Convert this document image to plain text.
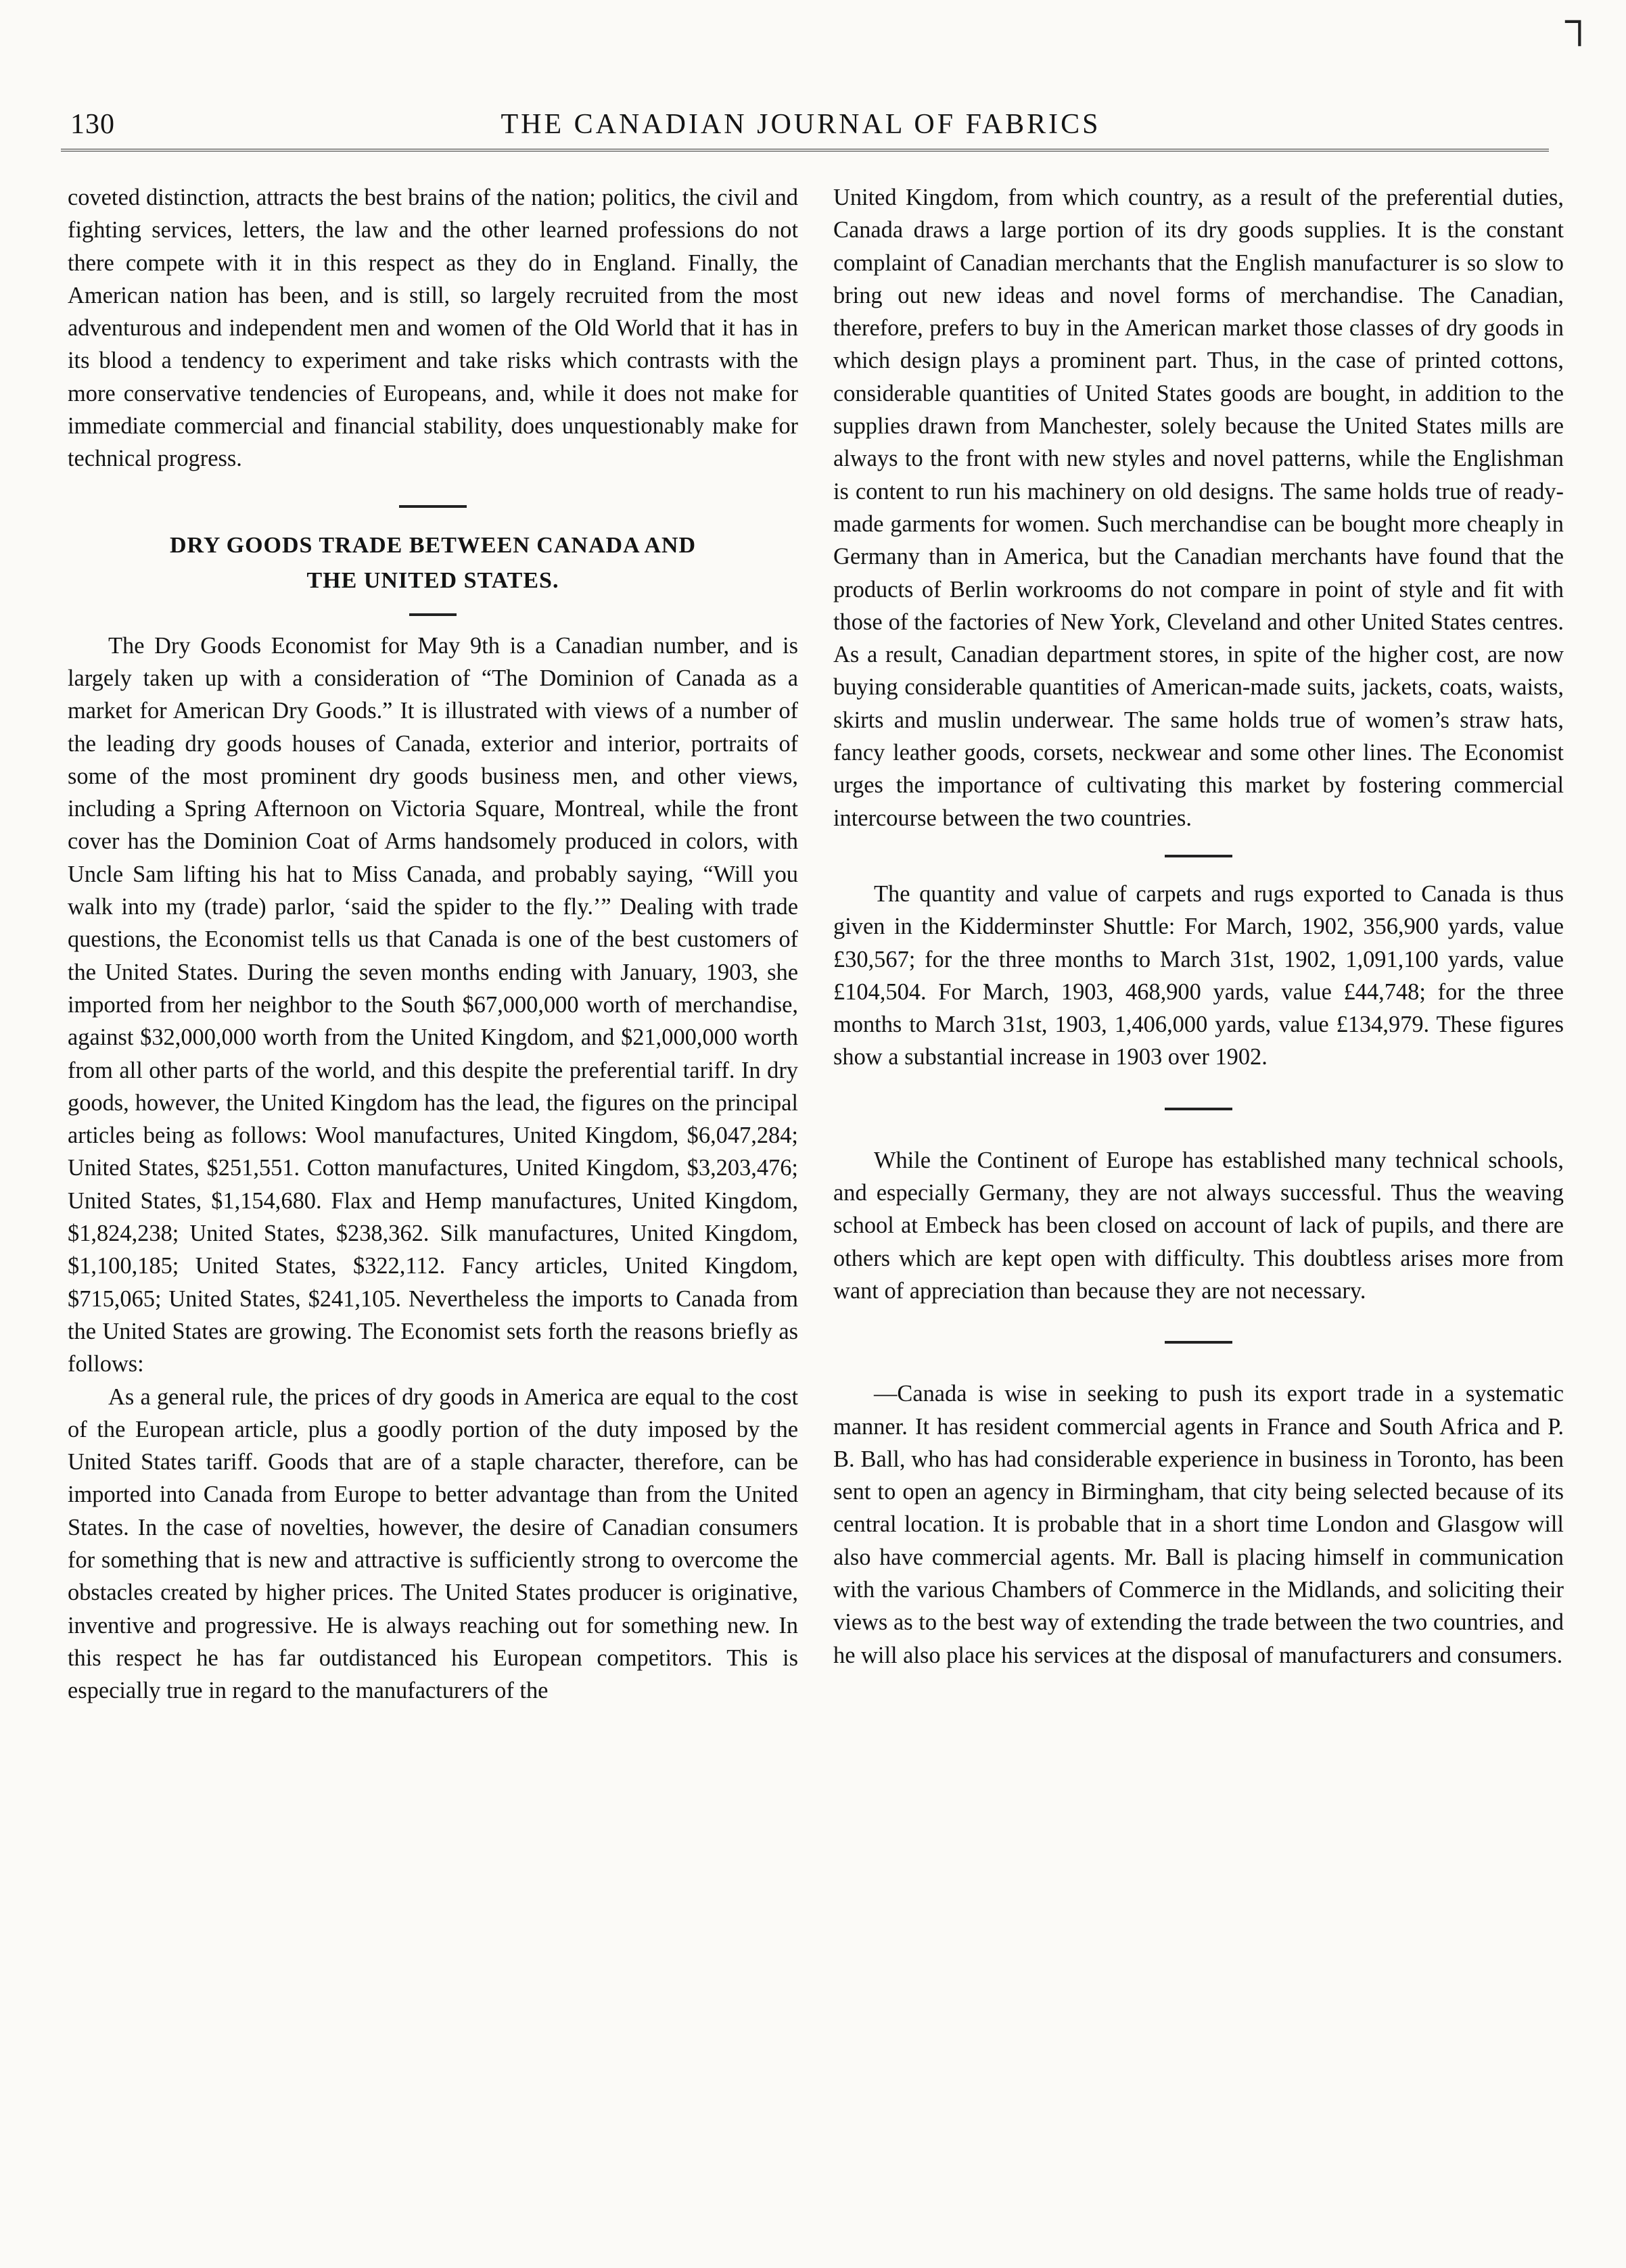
┐
130	THE CANADIAN JOURNAL OF FABRICS

coveted distinction, attracts the best brains of the nation; politics, the civil and fighting services, letters, the law and the other learned professions do not there compete with it in this respect as they do in England. Finally, the American nation has been, and is still, so largely recruited from the most adventurous and independent men and women of the Old World that it has in its blood a tendency to experiment and take risks which contrasts with the more conservative tendencies of Europeans, and, while it does not make for immediate commercial and financial stability, does unquestionably make for technical progress.

DRY GOODS TRADE BETWEEN CANADA AND

THE UNITED STATES.

The Dry Goods Economist for May 9th is a Canadian number, and is largely taken up with a consideration of “The Dominion of Canada as a market for American Dry Goods.” It is illustrated with views of a number of the leading dry goods houses of Canada, exterior and interior, portraits of some of the most prominent dry goods business men, and other views, including a Spring Afternoon on Victoria Square, Montreal, while the front cover has the Dominion Coat of Arms handsomely produced in colors, with Uncle Sam lifting his hat to Miss Canada, and probably saying, “Will you walk into my (trade) parlor, ‘said the spider to the fly.’” Dealing with trade questions, the Economist tells us that Canada is one of the best customers of the United States. During the seven months ending with January, 1903, she imported from her neighbor to the South $67,000,000 worth of merchandise, against $32,000,000 worth from the United Kingdom, and $21,000,000 worth from all other parts of the world, and this despite the preferential tariff. In dry goods, however, the United Kingdom has the lead, the figures on the principal articles being as follows: Wool manufactures, United Kingdom, $6,047,284; United States, $251,551. Cotton manufactures, United Kingdom, $3,203,476; United States, $1,154,680. Flax and Hemp manufactures, United Kingdom, $1,824,238; United States, $238,362. Silk manufactures, United Kingdom, $1,100,185; United States, $322,112. Fancy articles, United Kingdom, $715,065; United States, $241,105. Nevertheless the imports to Canada from the United States are growing. The Economist sets forth the reasons briefly as follows:

As a general rule, the prices of dry goods in America are equal to the cost of the European article, plus a goodly portion of the duty imposed by the United States tariff. Goods that are of a staple character, therefore, can be imported into Canada from Europe to better advantage than from the United States. In the case of novelties, however, the desire of Canadian consumers for something that is new and attractive is sufficiently strong to overcome the obstacles created by higher prices. The United States producer is originative, inventive and progressive. He is always reaching out for something new. In this respect he has far outdistanced his European competitors. This is especially true in regard to the manufacturers of the

United Kingdom, from which country, as a result of the preferential duties, Canada draws a large portion of its dry goods supplies. It is the constant complaint of Canadian merchants that the English manufacturer is so slow to bring out new ideas and novel forms of merchandise. The Canadian, therefore, prefers to buy in the American market those classes of dry goods in which design plays a prominent part. Thus, in the case of printed cottons, considerable quantities of United States goods are bought, in addition to the supplies drawn from Manchester, solely because the United States mills are always to the front with new styles and novel patterns, while the Englishman is content to run his machinery on old designs. The same holds true of ready-made garments for women. Such merchandise can be bought more cheaply in Germany than in America, but the Canadian merchants have found that the products of Berlin workrooms do not compare in point of style and fit with those of the factories of New York, Cleveland and other United States centres. As a result, Canadian department stores, in spite of the higher cost, are now buying considerable quantities of American-made suits, jackets, coats, waists, skirts and muslin underwear. The same holds true of women’s straw hats, fancy leather goods, corsets, neckwear and some other lines. The Economist urges the importance of cultivating this market by fostering commercial intercourse between the two countries.

The quantity and value of carpets and rugs exported to Canada is thus given in the Kidderminster Shuttle: For March, 1902, 356,900 yards, value £30,567; for the three months to March 31st, 1902, 1,091,100 yards, value £104,504. For March, 1903, 468,900 yards, value £44,748; for the three months to March 31st, 1903, 1,406,000 yards, value £134,979. These figures show a substantial increase in 1903 over 1902.

While the Continent of Europe has established many technical schools, and especially Germany, they are not always successful. Thus the weaving school at Embeck has been closed on account of lack of pupils, and there are others which are kept open with difficulty. This doubtless arises more from want of appreciation than because they are not necessary.

—Canada is wise in seeking to push its export trade in a systematic manner. It has resident commercial agents in France and South Africa and P. B. Ball, who has had considerable experience in business in Toronto, has been sent to open an agency in Birmingham, that city being selected because of its central location. It is probable that in a short time London and Glasgow will also have commercial agents. Mr. Ball is placing himself in communication with the various Chambers of Commerce in the Midlands, and soliciting their views as to the best way of extending the trade between the two countries, and he will also place his services at the disposal of manufacturers and consumers.
